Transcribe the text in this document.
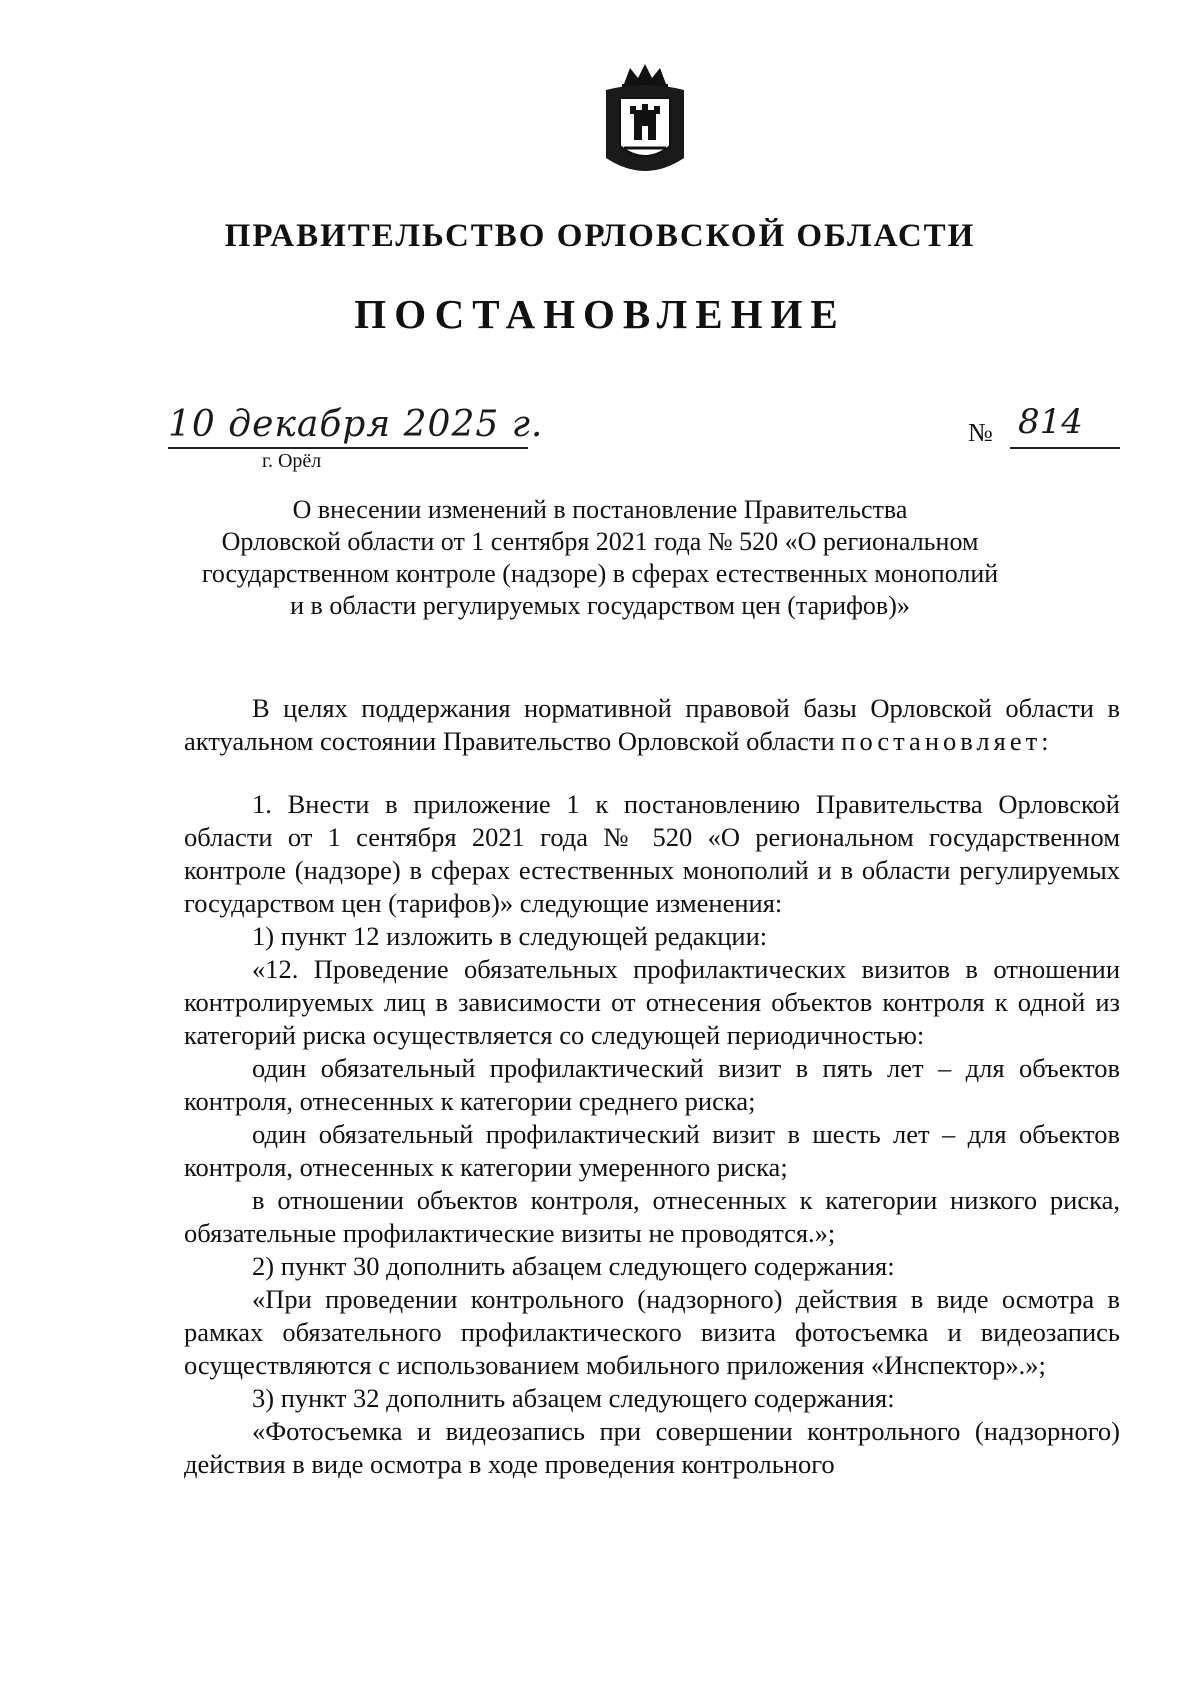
ПРАВИТЕЛЬСТВО ОРЛОВСКОЙ ОБЛАСТИ
ПОСТАНОВЛЕНИЕ
10 декабря 2025 г.
г. Орёл
№ 814
О внесении изменений в постановление Правительства
Орловской области от 1 сентября 2021 года № 520 «О региональном
государственном контроле (надзоре) в сферах естественных монополий
и в области регулируемых государством цен (тарифов)»

В целях поддержания нормативной правовой базы Орловской области в актуальном состоянии Правительство Орловской области постановляет:

1. Внести в приложение 1 к постановлению Правительства Орловской области от 1 сентября 2021 года № 520 «О региональном государственном контроле (надзоре) в сферах естественных монополий и в области регулируемых государством цен (тарифов)» следующие изменения:

1) пункт 12 изложить в следующей редакции:

«12. Проведение обязательных профилактических визитов в отношении контролируемых лиц в зависимости от отнесения объектов контроля к одной из категорий риска осуществляется со следующей периодичностью:

один обязательный профилактический визит в пять лет – для объектов контроля, отнесенных к категории среднего риска;

один обязательный профилактический визит в шесть лет – для объектов контроля, отнесенных к категории умеренного риска;

в отношении объектов контроля, отнесенных к категории низкого риска, обязательные профилактические визиты не проводятся.»;

2) пункт 30 дополнить абзацем следующего содержания:

«При проведении контрольного (надзорного) действия в виде осмотра в рамках обязательного профилактического визита фотосъемка и видеозапись осуществляются с использованием мобильного приложения «Инспектор».»;

3) пункт 32 дополнить абзацем следующего содержания:

«Фотосъемка и видеозапись при совершении контрольного (надзорного) действия в виде осмотра в ходе проведения контрольного
